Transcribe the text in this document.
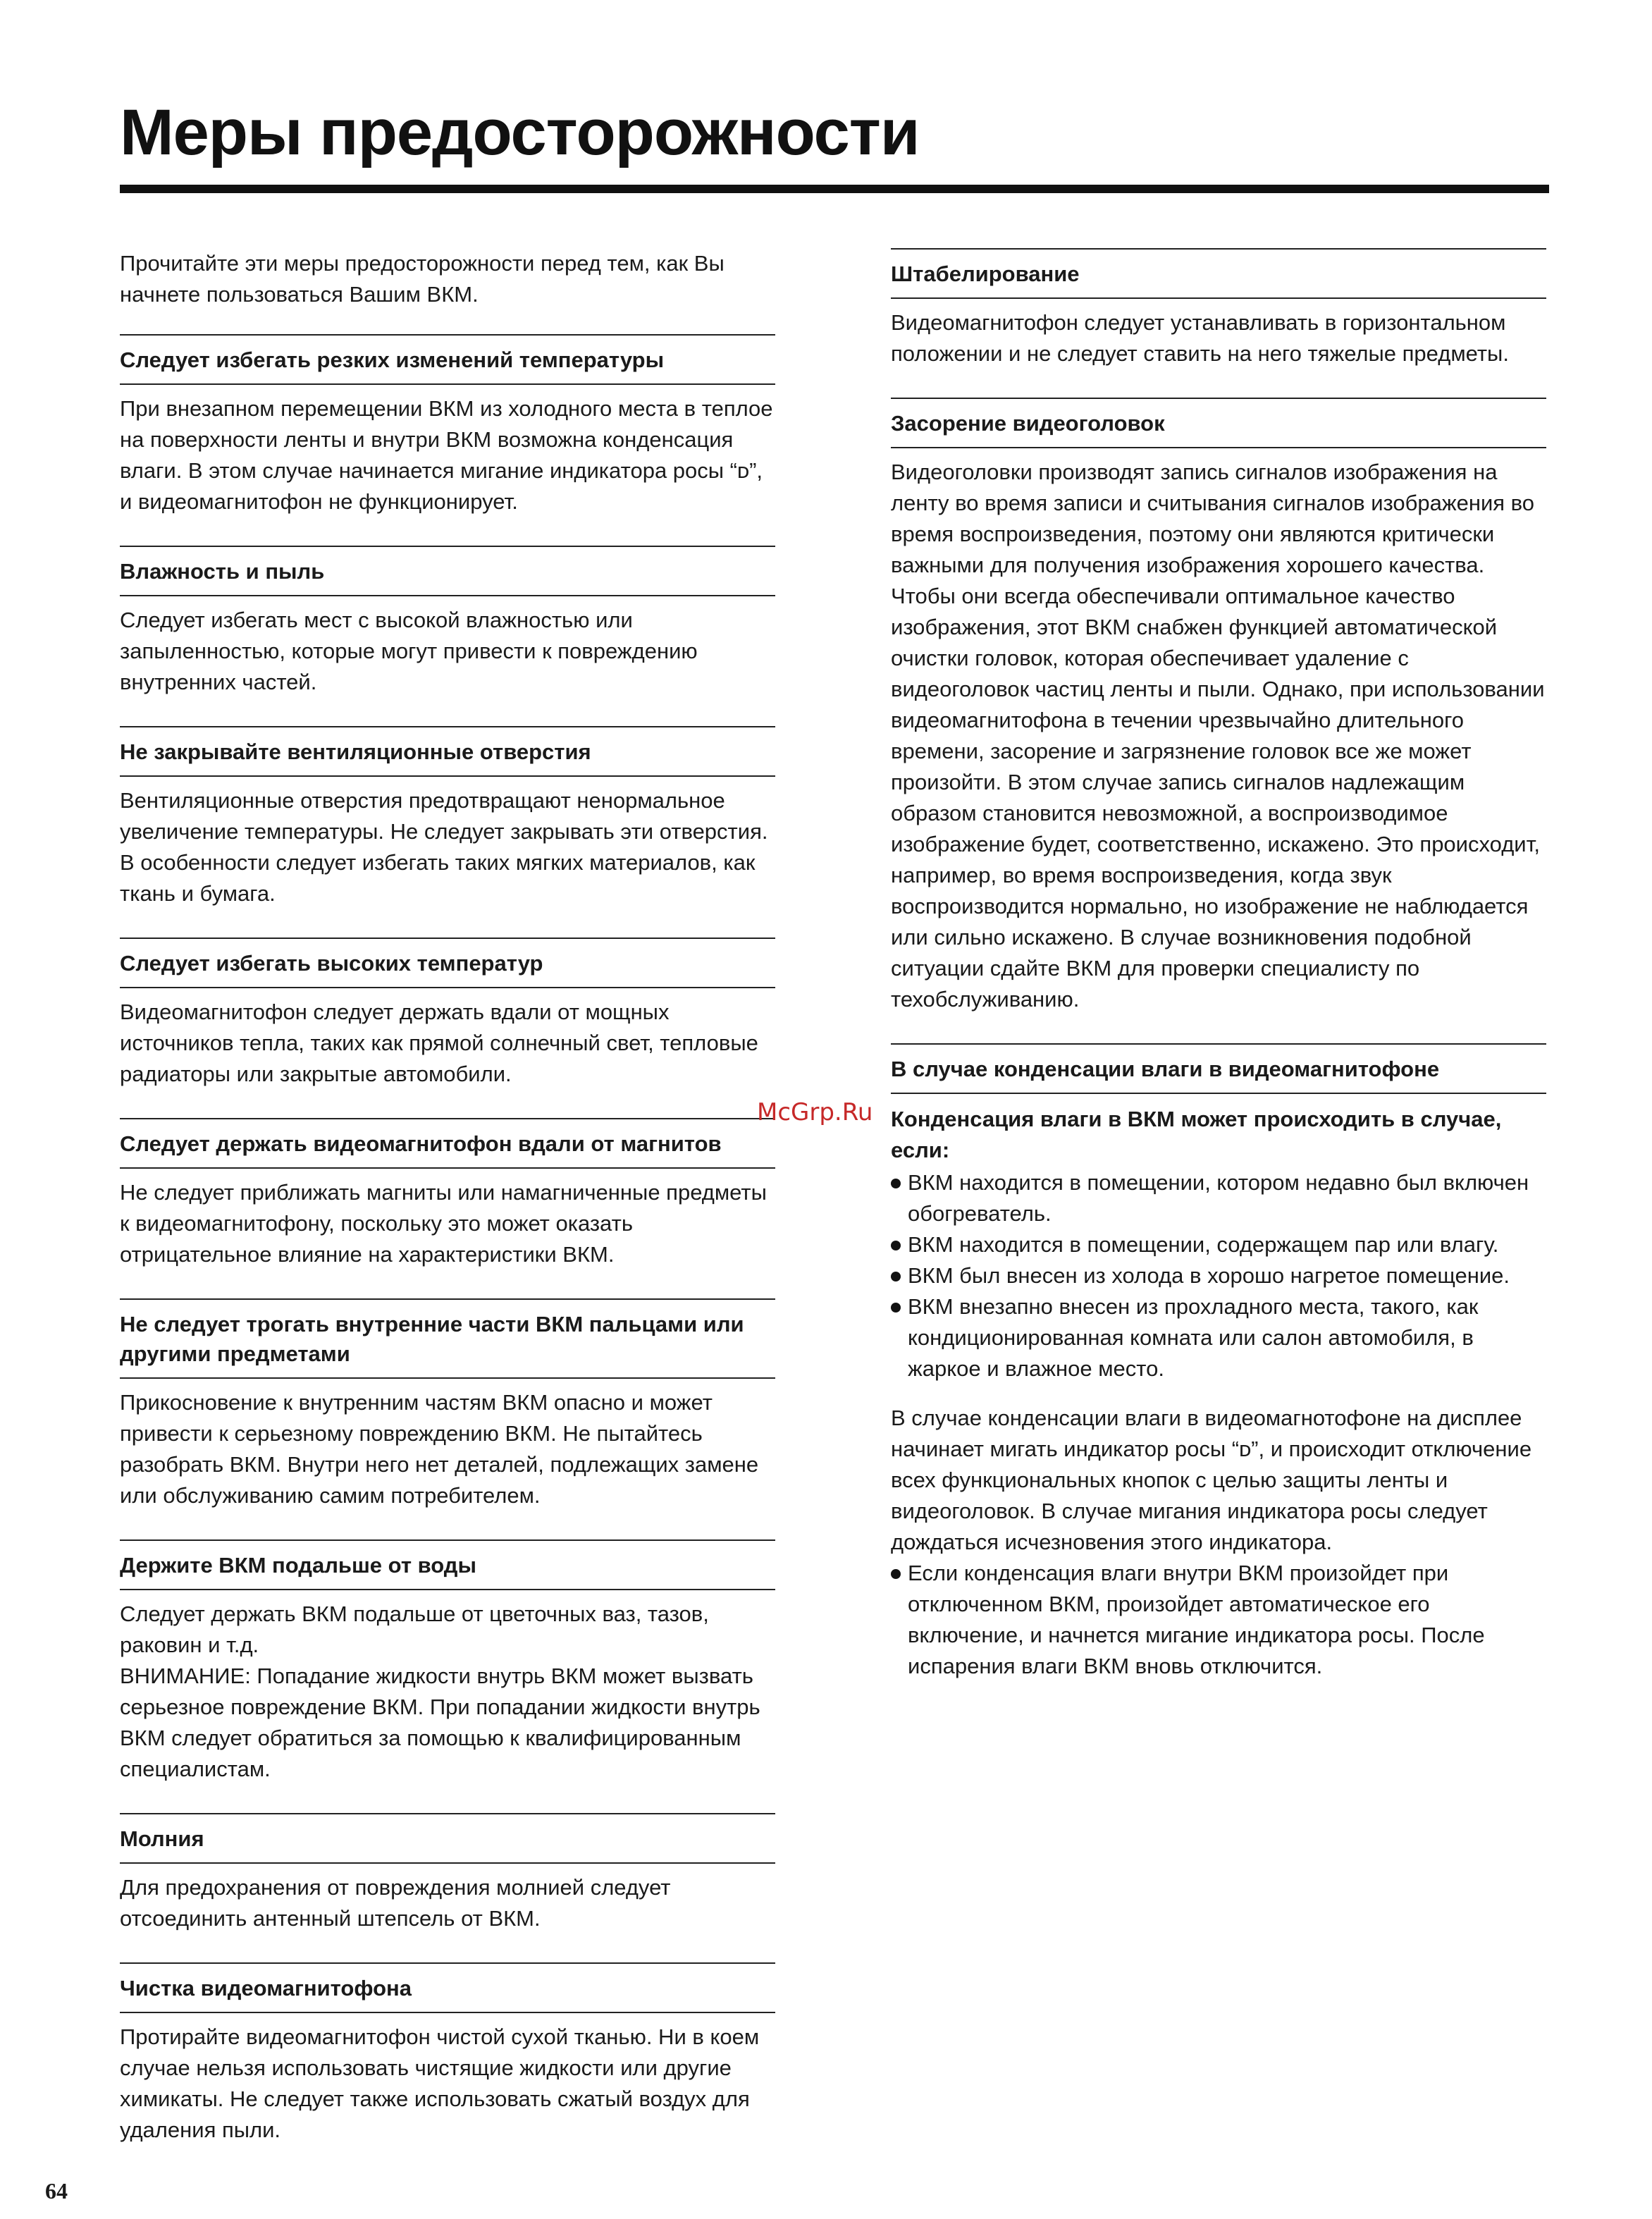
Меры предосторожности

Прочитайте эти меры предосторожности перед тем, как Вы начнете пользоваться Вашим ВКМ.

Следует избегать резких изменений температуры

При внезапном перемещении ВКМ из холодного места в теплое на поверхности ленты и внутри ВКМ возможна конденсация влаги. В этом случае начинается мигание индикатора росы “ᴅ”, и видеомагнитофон не функционирует.

Влажность и пыль

Следует избегать мест с высокой влажностью или запыленностью, которые могут привести к повреждению внутренних частей.

Не закрывайте вентиляционные отверстия

Вентиляционные отверстия предотвращают ненормальное увеличение температуры. Не следует закрывать эти отверстия. В особенности следует избегать таких мягких материалов, как ткань и бумага.

Следует избегать высоких температур

Видеомагнитофон следует держать вдали от мощных источников тепла, таких как прямой солнечный свет, тепловые радиаторы или закрытые автомобили.

Следует держать видеомагнитофон вдали от магнитов

Не следует приближать магниты или намагниченные предметы к видеомагнитофону, поскольку это может оказать отрицательное влияние на характеристики ВКМ.

Не следует трогать внутренние части ВКМ пальцами или другими предметами

Прикосновение к внутренним частям ВКМ опасно и может привести к серьезному повреждению ВКМ. Не пытайтесь разобрать ВКМ. Внутри него нет деталей, подлежащих замене или обслуживанию самим потребителем.

Держите ВКМ подальше от воды

Следует держать ВКМ подальше от цветочных ваз, тазов, раковин и т.д.

ВНИМАНИЕ: Попадание жидкости внутрь ВКМ может вызвать серьезное повреждение ВКМ. При попадании жидкости внутрь ВКМ следует обратиться за помощью к квалифицированным специалистам.

Молния

Для предохранения от повреждения молнией следует отсоединить антенный штепсель от ВКМ.

Чистка видеомагнитофона

Протирайте видеомагнитофон чистой сухой тканью. Ни в коем случае нельзя использовать чистящие жидкости или другие химикаты. Не следует также использовать сжатый воздух для удаления пыли.

Штабелирование

Видеомагнитофон следует устанавливать в горизонтальном положении и не следует ставить на него тяжелые предметы.

Засорение видеоголовок

Видеоголовки производят запись сигналов изображения на ленту во время записи и считывания сигналов изображения во время воспроизведения, поэтому они являются критически важными для получения изображения хорошего качества. Чтобы они всегда обеспечивали оптимальное качество изображения, этот ВКМ снабжен функцией автоматической очистки головок, которая обеспечивает удаление с видеоголовок частиц ленты и пыли. Однако, при использовании видеомагнитофона в течении чрезвычайно длительного времени, засорение и загрязнение головок все же может произойти. В этом случае запись сигналов надлежащим образом становится невозможной, а воспроизводимое изображение будет, соответственно, искажено. Это происходит, например, во время воспроизведения, когда звук воспроизводится нормально, но изображение не наблюдается или сильно искажено. В случае возникновения подобной ситуации сдайте ВКМ для проверки специалисту по техобслуживанию.

В случае конденсации влаги в видеомагнитофоне
Конденсация влаги в ВКМ может происходить в случае, если:
ВКМ находится в помещении, котором недавно был включен обогреватель.
ВКМ находится в помещении, содержащем пар или влагу.
ВКМ был внесен из холода в хорошо нагретое помещение.
ВКМ внезапно внесен из прохладного места, такого, как кондиционированная комната или салон автомобиля, в жаркое и влажное место.

В случае конденсации влаги в видеомагнотофоне на дисплее начинает мигать индикатор росы “ᴅ”, и происходит отключение всех функциональных кнопок с целью защиты ленты и видеоголовок. В случае мигания индикатора росы следует дождаться исчезновения этого индикатора.

Если конденсация влаги внутри ВКМ произойдет при отключенном ВКМ, произойдет автоматическое его включение, и начнется мигание индикатора росы. После испарения влаги ВКМ вновь отключится.
McGrp.Ru
64
